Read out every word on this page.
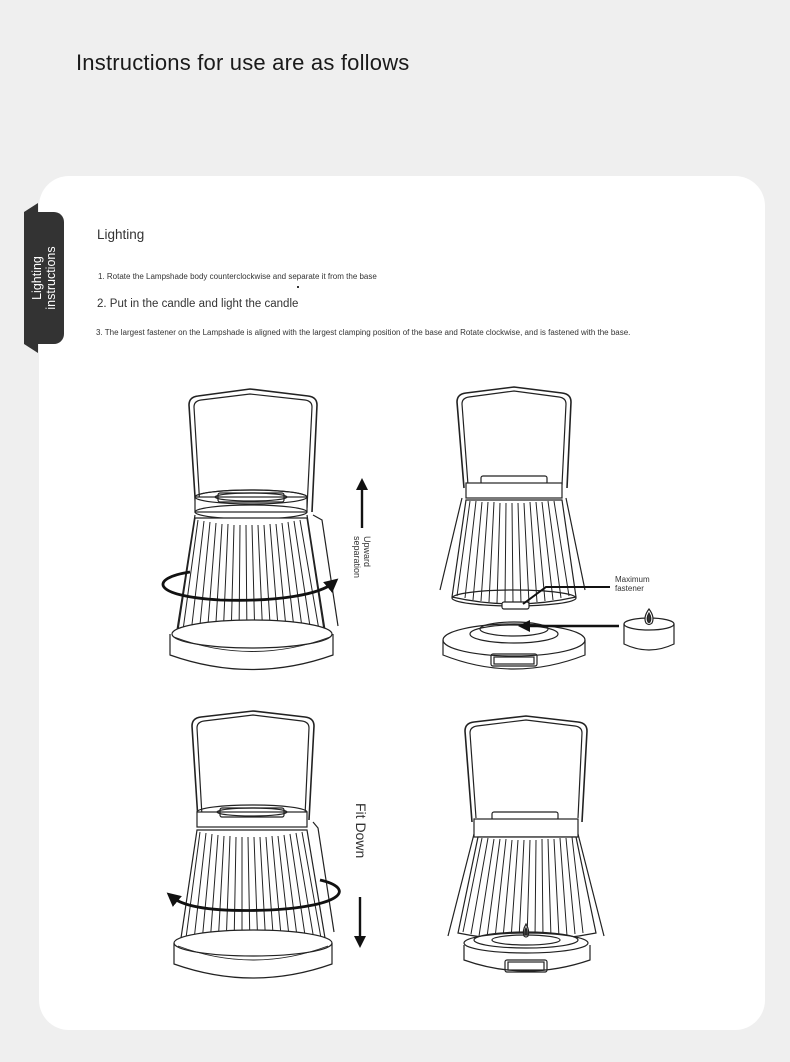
Instructions for use are as follows
Lighting instructions
Lighting
1. Rotate the Lampshade body counterclockwise and separate it from the base
2. Put in the candle and light the candle
3. The largest fastener on the Lampshade is aligned with the largest clamping position of the base and Rotate clockwise, and is fastened with the base.
Upward
separation
Maximum
fastener
Fit Down
